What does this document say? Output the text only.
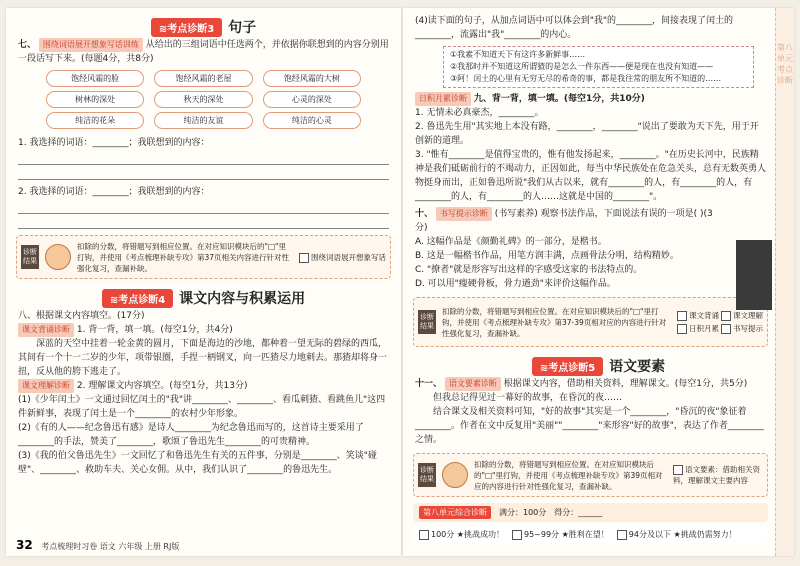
≋考点诊断3	句子
七、 围绕词语展开想象写话训练 从给出的三组词语中任选两个，并依据你联想到的内容分别用一段话写下来。(每题4分，共8分)
饱经风霜的脸	饱经风霜的老屋	饱经风霜的大树
树林的深处	秋天的深处	心灵的深处
纯洁的花朵	纯洁的友谊	纯洁的心灵
1. 我选择的词语：________；我联想到的内容：
2. 我选择的词语：________；我联想到的内容：
诊断结果
扣除的分数，将错题写到相应位置。在对应知识模块后的"□"里打钩，并使用《考点梳理补缺专攻》第37页相关内容进行针对性强化复习，查漏补缺。
围绕词语展开想象写话
≋考点诊断4	课文内容与积累运用
八、根据课文内容填空。(17分)
课文背诵诊断 1. 背一背，填一填。(每空1分，共4分)
深蓝的天空中挂着一轮金黄的圆月，下面是海边的沙地，都种着一望无际的碧绿的西瓜，其间有一个十一二岁的少年，项带银圈，手捏一柄钢叉，向一匹猹尽力地刺去。那猹却将身一扭，反从他的胯下逃走了。
课文理解诊断 2. 理解课文内容填空。(每空1分，共13分)
(1)《少年闰土》一文通过回忆闰土的"我"讲________、________、看瓜刺猹、看跳鱼儿"这四件新鲜事，表现了闰土是一个________的农村少年形象。
(2)《有的人——纪念鲁迅有感》是诗人________为纪念鲁迅而写的，这首诗主要采用了________的手法，赞美了________，歌颂了鲁迅先生________的可贵精神。
(3)《我的伯父鲁迅先生》一文回忆了和鲁迅先生有关的五件事，分别是________、笑谈"碰壁"、________、救助车夫、关心女佣。从中，我们认识了________的鲁迅先生。
32 考点梳理时习卷 语文 六年级 上册 RJ版
第八单元 考点诊断
(4)读下面的句子，从加点词语中可以体会到"我"的________，间接表现了闰土的________，流露出"我"________的内心。
①我素不知道天下有这许多新鲜事……
②我那时并不知道这所谓猹的是怎么一件东西——便是现在也没有知道——
③阿！闰土的心里有无穷无尽的希奇的事，都是我往常的朋友所不知道的……
日积月累诊断 九、背一背，填一填。(每空1分，共10分)
1. 无情未必真豪杰，________。
2. 鲁迅先生用"其实地上本没有路，________，________"说出了要敢为天下先，用于开创新的道理。
3. "惟有________是值得宝贵的，惟有他发扬起来，________。"在历史长河中，民族精神是我们砥砺前行的不竭动力，正因如此，每当中华民族处在危急关头，总有无数英勇人物挺身而出，正如鲁迅所说"我们从古以来，就有________的人，有________的人，有________的人，有________的人……这就是中国的________"。
十、 书写提示诊断 (书写素养) 观察书法作品，下面说法有误的一项是( )(3分)
A. 这幅作品是《颜勤礼碑》的一部分，是楷书。
B. 这是一幅楷书作品，用笔方润丰满，点画骨法分明，结构精妙。
C. "撩者"就是形容写出这样的字感受这家的书法特点的。
D. 可以用"瘦硬骨板，骨力遒劲"来评价这幅作品。
诊断结果
扣除的分数，将错题写到相应位置。在对应知识模块后的"□"里打钩，并使用《考点梳理补缺专攻》第37-39页相对应的内容进行针对性强化复习，查漏补缺。
课文背诵	课文理解
日积月累	书写提示
≋考点诊断5	语文要素
十一、 语文要素诊断 根据课文内容，借助相关资料，理解课文。(每空1分，共5分)
但我总记得见过一幕好的故事，在昏沉的夜……
结合课文及相关资料可知，"好的故事"其实是一个________，"昏沉的夜"象征着________。作者在文中反复用"美丽""________"来形容"好的故事"，表达了作者________之情。
诊断结果
扣除的分数，将错题写到相应位置。在对应知识模块后的"□"里打钩，并使用《考点梳理补缺专攻》第39页相对应的内容进行针对性强化复习，查漏补缺。
语文要素：借助相关资料，理解课文主要内容
第八单元综合诊断	满分：100分 得分：______
100分 ★挑战成功！	95~99分 ★胜利在望！	94分及以下 ★挑战仍需努力！
